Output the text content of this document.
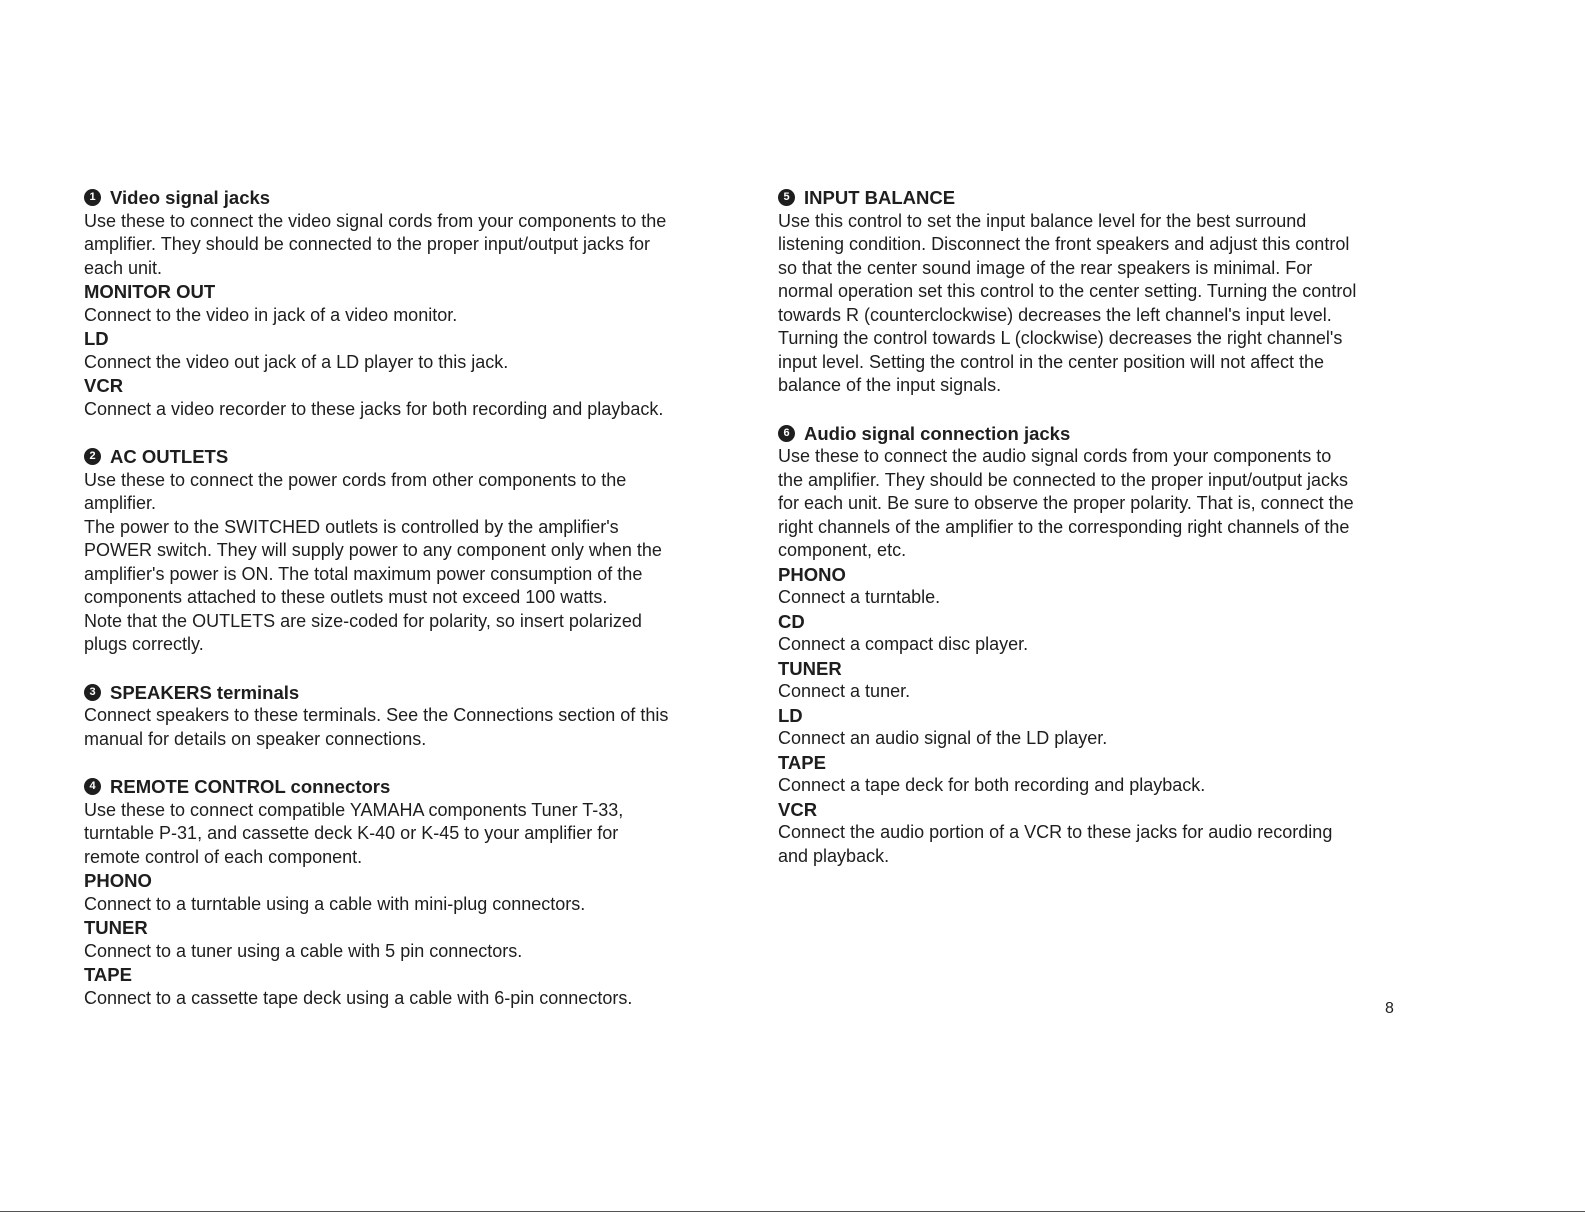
1 Video signal jacks
Use these to connect the video signal cords from your components to the
amplifier. They should be connected to the proper input/output jacks for
each unit.
MONITOR OUT
Connect to the video in jack of a video monitor.
LD
Connect the video out jack of a LD player to this jack.
VCR
Connect a video recorder to these jacks for both recording and playback.
2 AC OUTLETS
Use these to connect the power cords from other components to the
amplifier.
The power to the SWITCHED outlets is controlled by the amplifier's
POWER switch. They will supply power to any component only when the
amplifier's power is ON. The total maximum power consumption of the
components attached to these outlets must not exceed 100 watts.
Note that the OUTLETS are size-coded for polarity, so insert polarized
plugs correctly.
3 SPEAKERS terminals
Connect speakers to these terminals. See the Connections section of this
manual for details on speaker connections.
4 REMOTE CONTROL connectors
Use these to connect compatible YAMAHA components Tuner T-33,
turntable P-31, and cassette deck K-40 or K-45 to your amplifier for
remote control of each component.
PHONO
Connect to a turntable using a cable with mini-plug connectors.
TUNER
Connect to a tuner using a cable with 5 pin connectors.
TAPE
Connect to a cassette tape deck using a cable with 6-pin connectors.
5 INPUT BALANCE
Use this control to set the input balance level for the best surround
listening condition. Disconnect the front speakers and adjust this control
so that the center sound image of the rear speakers is minimal. For
normal operation set this control to the center setting. Turning the control
towards R (counterclockwise) decreases the left channel's input level.
Turning the control towards L (clockwise) decreases the right channel's
input level. Setting the control in the center position will not affect the
balance of the input signals.
6 Audio signal connection jacks
Use these to connect the audio signal cords from your components to
the amplifier. They should be connected to the proper input/output jacks
for each unit. Be sure to observe the proper polarity. That is, connect the
right channels of the amplifier to the corresponding right channels of the
component, etc.
PHONO
Connect a turntable.
CD
Connect a compact disc player.
TUNER
Connect a tuner.
LD
Connect an audio signal of the LD player.
TAPE
Connect a tape deck for both recording and playback.
VCR
Connect the audio portion of a VCR to these jacks for audio recording
and playback.
8
